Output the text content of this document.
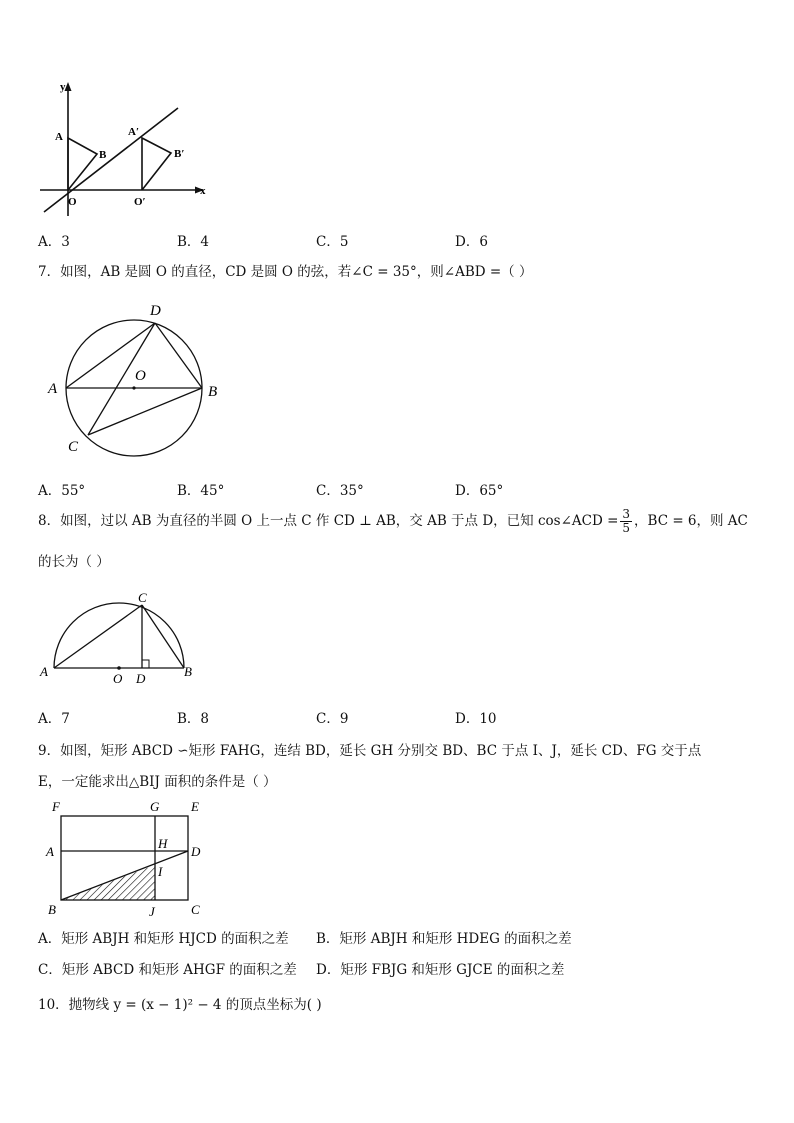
y
x
A
B
O
A′
B′
O′
A．3	B．4	C．5	D．6
7．如图，AB 是圆 O 的直径，CD 是圆 O 的弦，若∠C = 35°，则∠ABD =（ ）
D
A
O
B
C
A．55°	B．45°	C．35°	D．65°
8．如图，过以 AB 为直径的半圆 O 上一点 C 作 CD ⊥ AB，交 AB 于点 D，已知 cos∠ACD = $\frac{3}{5}$ ，BC = 6，则 AC
的长为（ ）
C
A	O D	B
A．7	B．8	C．9	D．10
9．如图，矩形 ABCD ∽矩形 FAHG，连结 BD，延长 GH 分别交 BD、BC 于点 I、J，延长 CD、FG 交于点
E，一定能求出△BIJ 面积的条件是（ ）
F	G E
A
H
D
I
B	J	C
A．矩形 ABJH 和矩形 HJCD 的面积之差 B．矩形 ABJH 和矩形 HDEG 的面积之差
C．矩形 ABCD 和矩形 AHGF 的面积之差 D．矩形 FBJG 和矩形 GJCE 的面积之差
10．抛物线 y = (x − 1)² − 4 的顶点坐标为( )
